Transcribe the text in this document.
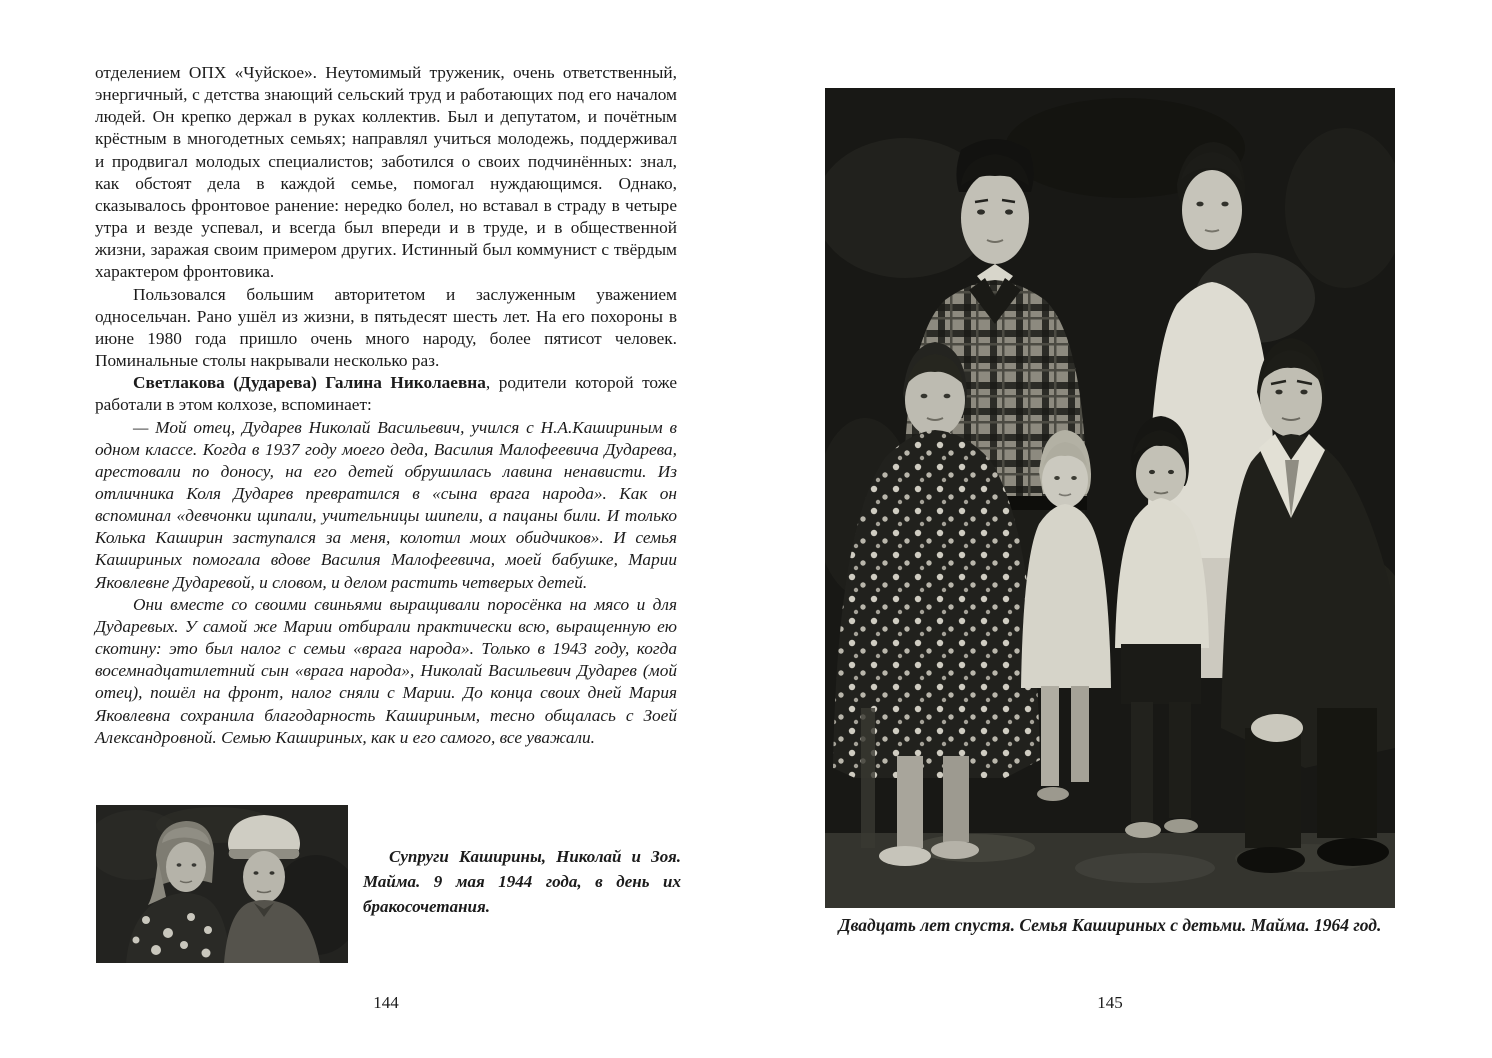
отделением ОПХ «Чуйское». Неутомимый труженик, очень ответственный, энергичный, с детства знающий сельский труд и работающих под его началом людей. Он крепко держал в руках коллектив. Был и депутатом, и почётным крёстным в многодетных семьях; направлял учиться молодежь, поддерживал и продвигал молодых специалистов; заботился о своих подчинённых: знал, как обстоят дела в каждой семье, помогал нуждающимся. Однако, сказывалось фронтовое ранение: нередко болел, но вставал в страду в четыре утра и везде успевал, и всегда был впереди и в труде, и в общественной жизни, заражая своим примером других. Истинный был коммунист с твёрдым характером фронтовика.

Пользовался большим авторитетом и заслуженным уважением односельчан. Рано ушёл из жизни, в пятьдесят шесть лет. На его похороны в июне 1980 года пришло очень много народу, более пятисот человек. Поминальные столы накрывали несколько раз.

Светлакова (Дударева) Галина Николаевна, родители которой тоже работали в этом колхозе, вспоминает:

— Мой отец, Дударев Николай Васильевич, учился с Н.А.Кашириным в одном классе. Когда в 1937 году моего деда, Василия Малофеевича Дударева, арестовали по доносу, на его детей обрушилась лавина ненависти. Из отличника Коля Дударев превратился в «сына врага народа». Как он вспоминал «девчонки щипали, учительницы шипели, а пацаны били. И только Колька Каширин заступался за меня, колотил моих обидчиков». И семья Кашириных помогала вдове Василия Малофеевича, моей бабушке, Марии Яковлевне Дударевой, и словом, и делом растить четверых детей.

Они вместе со своими свиньями выращивали поросёнка на мясо и для Дударевых. У самой же Марии отбирали практически всю, выращенную ею скотину: это был налог с семьи «врага народа». Только в 1943 году, когда восемнадцатилетний сын «врага народа», Николай Васильевич Дударев (мой отец), пошёл на фронт, налог сняли с Марии. До конца своих дней Мария Яковлевна сохранила благодарность Кашириным, тесно общалась с Зоей Александровной. Семью Кашириных, как и его самого, все уважали.

Супруги Каширины, Николай и Зоя. Майма. 9 мая 1944 года, в день их бракосочетания.
144
Двадцать лет спустя. Семья Кашириных с детьми. Майма. 1964 год.
145
